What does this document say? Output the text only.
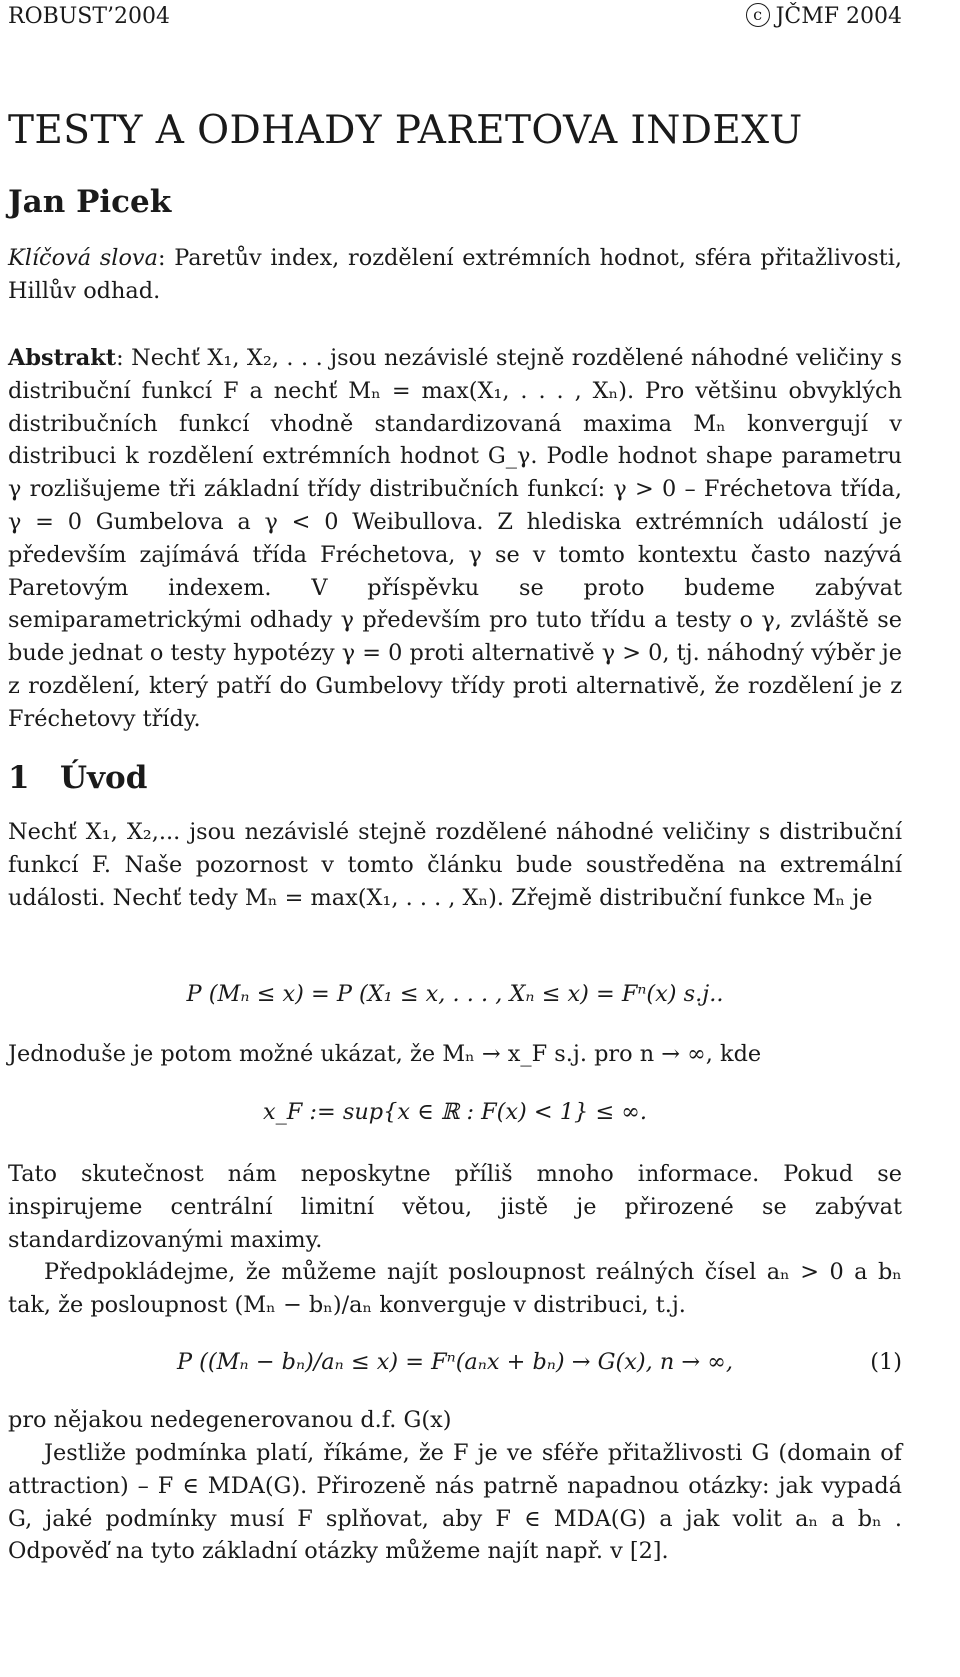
ROBUST’2004	c JČMF 2004
TESTY A ODHADY PARETOVA INDEXU
Jan Picek

Klíčová slova: Paretův index, rozdělení extrémních hodnot, sféra přitažlivosti, Hillův odhad.

Abstrakt: Nechť X₁, X₂, . . . jsou nezávislé stejně rozdělené náhodné veličiny s distribuční funkcí F a nechť Mₙ = max(X₁, . . . , Xₙ). Pro většinu obvyklých distribučních funkcí vhodně standardizovaná maxima Mₙ konvergují v distribuci k rozdělení extrémních hodnot G_γ. Podle hodnot shape parametru γ rozlišujeme tři základní třídy distribučních funkcí: γ > 0 – Fréchetova třída, γ = 0 Gumbelova a γ < 0 Weibullova. Z hlediska extrémních událostí je především zajímává třída Fréchetova, γ se v tomto kontextu často nazývá Paretovým indexem. V příspěvku se proto budeme zabývat semiparametrickými odhady γ především pro tuto třídu a testy o γ, zvláště se bude jednat o testy hypotézy γ = 0 proti alternativě γ > 0, tj. náhodný výběr je z rozdělení, který patří do Gumbelovy třídy proti alternativě, že rozdělení je z Fréchetovy třídy.

1 Úvod

Nechť X₁, X₂,... jsou nezávislé stejně rozdělené náhodné veličiny s distribuční funkcí F. Naše pozornost v tomto článku bude soustředěna na extremální události. Nechť tedy Mₙ = max(X₁, . . . , Xₙ). Zřejmě distribuční funkce Mₙ je

P (Mₙ ≤ x) = P (X₁ ≤ x, . . . , Xₙ ≤ x) = Fⁿ(x) s.j..

Jednoduše je potom možné ukázat, že Mₙ → x_F s.j. pro n → ∞, kde

x_F := sup{x ∈ ℝ : F(x) < 1} ≤ ∞.

Tato skutečnost nám neposkytne příliš mnoho informace. Pokud se inspirujeme centrální limitní větou, jistě je přirozené se zabývat standardizovanými maximy.

Předpokládejme, že můžeme najít posloupnost reálných čísel aₙ > 0 a bₙ tak, že posloupnost (Mₙ − bₙ)/aₙ konverguje v distribuci, t.j.

P ((Mₙ − bₙ)/aₙ ≤ x) = Fⁿ(aₙx + bₙ) → G(x), n → ∞,	(1)

pro nějakou nedegenerovanou d.f. G(x)

Jestliže podmínka platí, říkáme, že F je ve sféře přitažlivosti G (domain of attraction) – F ∈ MDA(G). Přirozeně nás patrně napadnou otázky: jak vypadá G, jaké podmínky musí F splňovat, aby F ∈ MDA(G) a jak volit aₙ a bₙ . Odpověď na tyto základní otázky můžeme najít např. v [2].
